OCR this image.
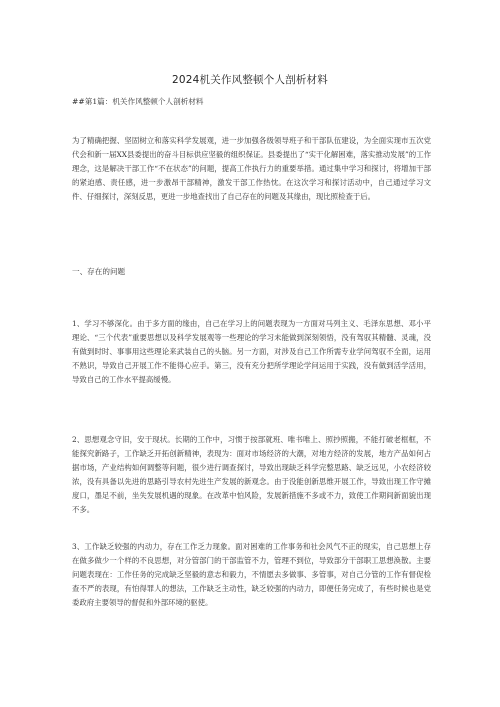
2024机关作风整顿个人剖析材料
##第1篇：机关作风整顿个人剖析材料
为了精确把握、坚固树立和落实科学发展观，进一步加强各级领导班子和干部队伍建设，为全面实现市五次党代会和新一届XX县委提出的奋斗目标供应坚毅的组织保证。县委提出了“实干化解困难，落实推动发展”的工作理念，这是解决干部工作“不在状态”的问题，提高工作执行力的重要举措。通过集中学习和探讨，将增加干部的紧迫感、责任感，进一步激昂干部精神，激发干部工作热忱。在这次学习和探讨活动中，自己通过学习文件、仔细探讨，深刻反思，更进一步地查找出了自己存在的问题及其缘由，现比照检查于后。
一、存在的问题
1、学习不够深化。由于多方面的缘由，自己在学习上的问题表现为一方面对马列主义、毛泽东思想、邓小平理论、“三个代表”重要思想以及科学发展观等一些理论的学习未能做到深刻领悟，没有驾驭其精髓、灵魂，没有做到时时、事事用这些理论来武装自己的头脑。另一方面，对涉及自己工作所需专业学问驾驭不全面，运用不熟识，导致自己开展工作不能得心应手。第三，没有充分把所学理论学问运用于实践，没有做到活学活用，导致自己的工作水平提高缓慢。
2、思想观念守旧，安于现状。长期的工作中，习惯于按部就班、唯书唯上、照抄照搬，不能打破老框框，不能探究新路子，工作缺乏开拓创新精神，表现为：面对市场经济的大潮，对地方经济的发展，地方产品如何占据市场，产业结构如何调整等问题，很少进行调查探讨，导致出现缺乏科学完整思路、缺乏远见，小农经济较浓，没有具备以先进的思路引导农村先进生产发展的新观念。由于没能创新思维开展工作，导致出现工作守摊度口，墨足不前，坐失发展机遇的现象。在改革中怕风险，发展新措施不多或不力，致使工作期间新面貌出现不多。
3、工作缺乏较强的内动力，存在工作乏力现象。面对困难的工作事务和社会风气不正的现实，自己思想上存在做多做少一个样的不良思想，对分管部门的干部监管不力，管理不到位，导致部分干部职工思想涣散。主要问题表现在：工作任务的完成缺乏坚毅的意志和毅力，不情愿去多做事、多管事，对自己分管的工作有督促检查不严的表现，有怕得罪人的想法，工作缺乏主动性，缺乏较强的内动力，即便任务完成了，有些时候也是党委政府主要领导的督促和外部环境的驱使。
